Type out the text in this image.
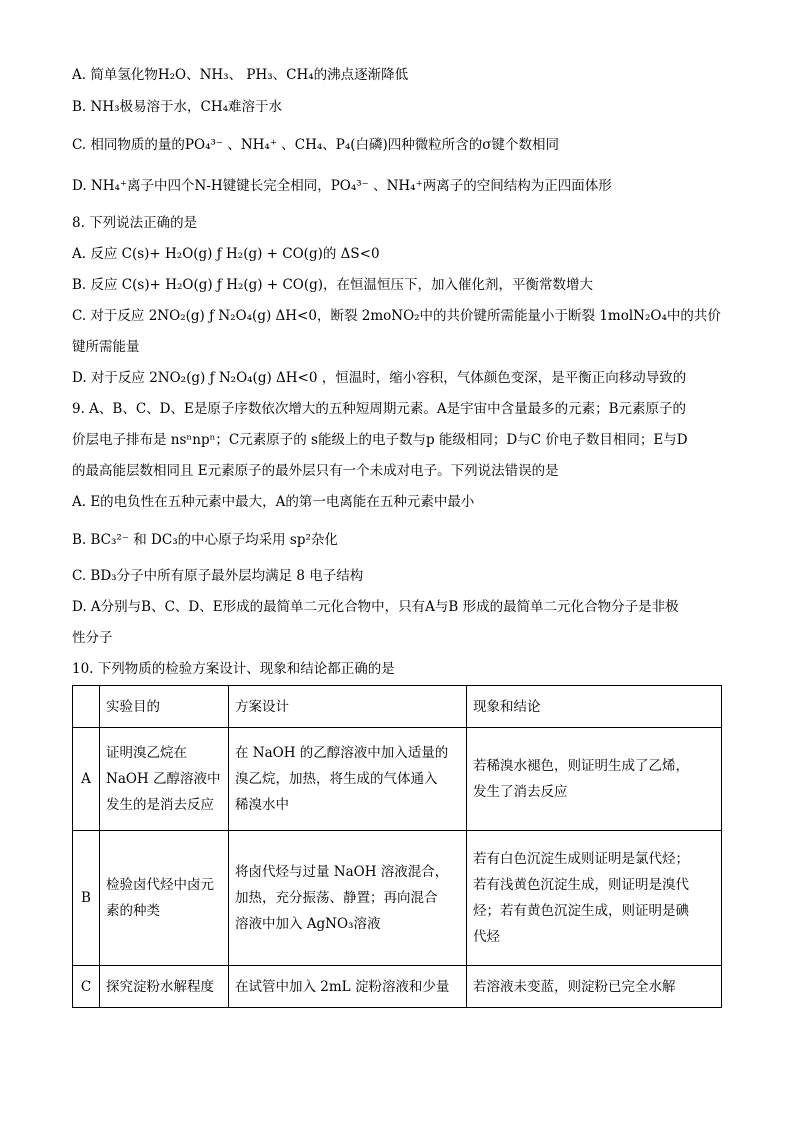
A. 简单氢化物H₂O、NH₃、 PH₃、CH₄的沸点逐渐降低
B. NH₃极易溶于水，CH₄难溶于水
C. 相同物质的量的PO₄³⁻ 、NH₄⁺ 、CH₄、P₄(白磷)四种微粒所含的σ键个数相同
D. NH₄⁺离子中四个N-H键键长完全相同，PO₄³⁻ 、NH₄⁺两离子的空间结构为正四面体形
8. 下列说法正确的是
A. 反应 C(s)+ H₂O(g) ƒ H₂(g) + CO(g)的 ΔS<0
B. 反应 C(s)+ H₂O(g) ƒ H₂(g) + CO(g)，在恒温恒压下，加入催化剂，平衡常数增大
C. 对于反应 2NO₂(g) ƒ N₂O₄(g) ΔH<0，断裂 2moNO₂中的共价键所需能量小于断裂 1molN₂O₄中的共价
键所需能量
D. 对于反应 2NO₂(g) ƒ N₂O₄(g) ΔH<0 ，恒温时，缩小容积，气体颜色变深，是平衡正向移动导致的
9. A、B、C、D、E是原子序数依次增大的五种短周期元素。A是宇宙中含量最多的元素；B元素原子的
价层电子排布是 nsⁿnpⁿ；C元素原子的 s能级上的电子数与p 能级相同；D与C 价电子数目相同；E与D
的最高能层数相同且 E元素原子的最外层只有一个未成对电子。下列说法错误的是
A. E的电负性在五种元素中最大，A的第一电离能在五种元素中最小
B. BC₃²⁻ 和 DC₃的中心原子均采用 sp²杂化
C. BD₃分子中所有原子最外层均满足 8 电子结构
D. A分别与B、C、D、E形成的最简单二元化合物中，只有A与B 形成的最简单二元化合物分子是非极
性分子
10. 下列物质的检验方案设计、现象和结论都正确的是
	实验目的	方案设计	现象和结论
A	证明溴乙烷在
NaOH 乙醇溶液中
发生的是消去反应	在 NaOH 的乙醇溶液中加入适量的
溴乙烷，加热，将生成的气体通入
稀溴水中	若稀溴水褪色，则证明生成了乙烯，
发生了消去反应
B	检验卤代烃中卤元
素的种类	将卤代烃与过量 NaOH 溶液混合，
加热，充分振荡、静置；再向混合
溶液中加入 AgNO₃溶液	若有白色沉淀生成则证明是氯代烃；
若有浅黄色沉淀生成，则证明是溴代
烃；若有黄色沉淀生成，则证明是碘
代烃
C	探究淀粉水解程度	在试管中加入 2mL 淀粉溶液和少量	若溶液未变蓝，则淀粉已完全水解
